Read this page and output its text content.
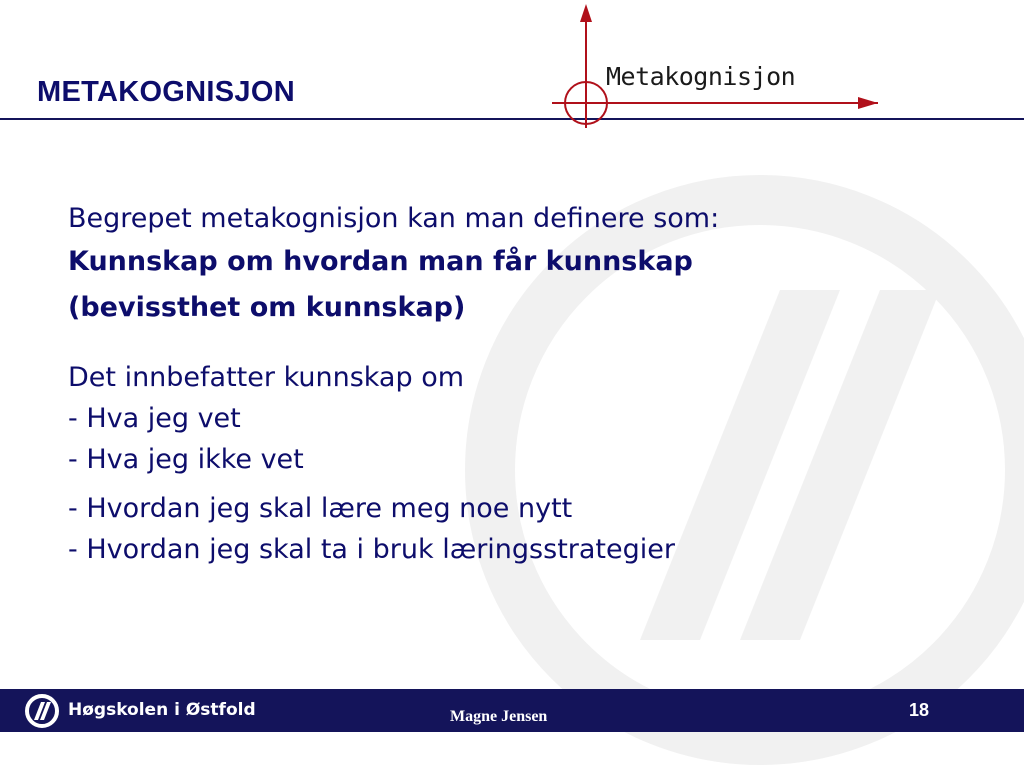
METAKOGNISJON	Metakognisjon
Begrepet metakognisjon kan man definere som:
Kunnskap om hvordan man får kunnskap
(bevissthet om kunnskap)
Det innbefatter kunnskap om
- Hva jeg vet
- Hva jeg ikke vet
- Hvordan jeg skal lære meg noe nytt
- Hvordan jeg skal ta i bruk læringsstrategier
Høgskolen i Østfold	Magne Jensen	18
